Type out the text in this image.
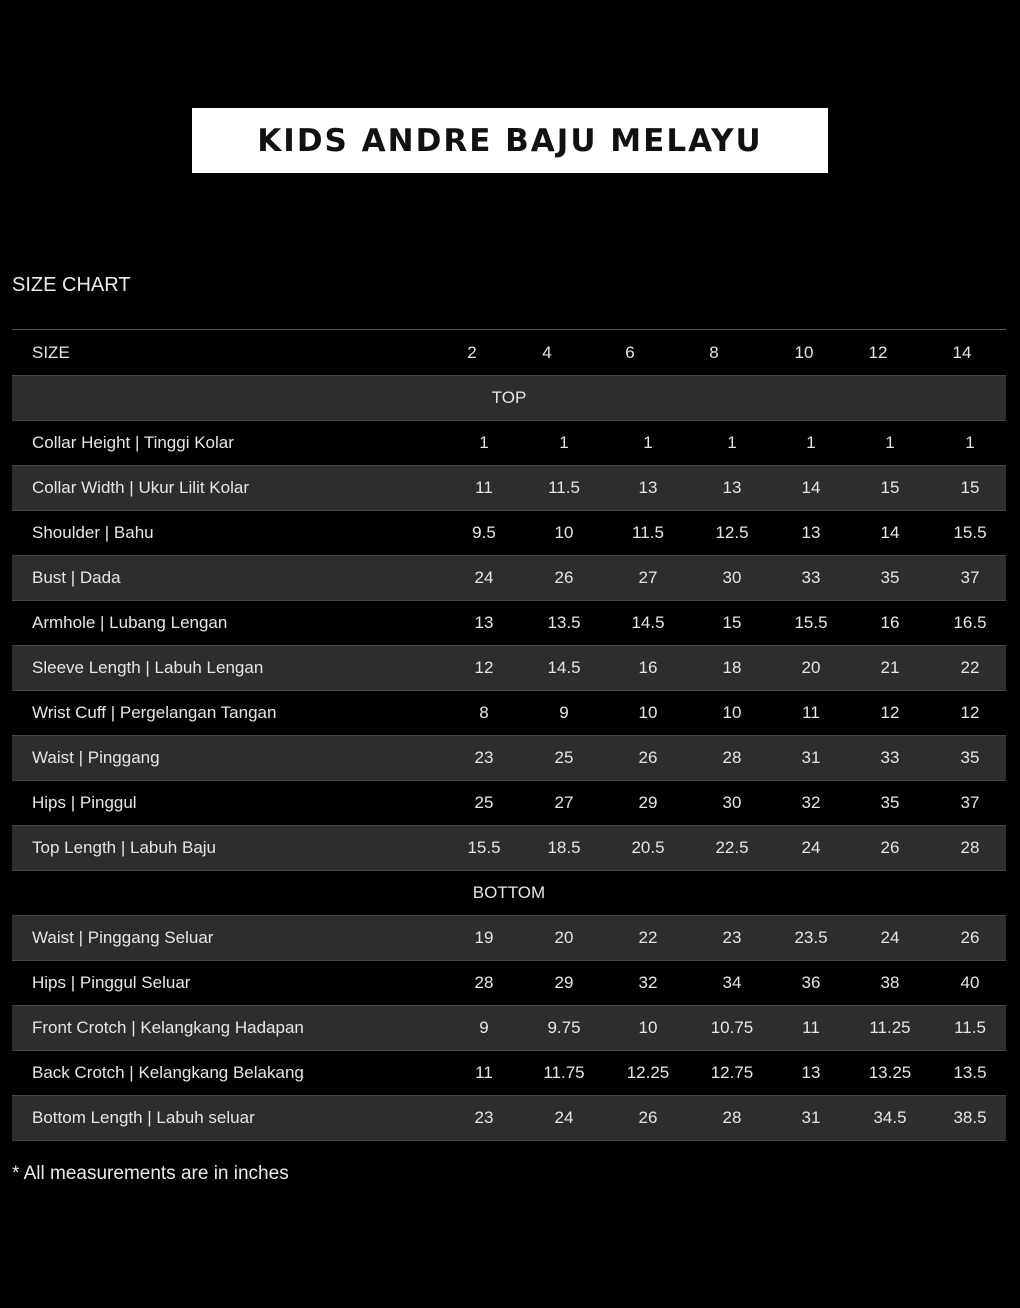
KIDS ANDRE BAJU MELAYU
SIZE CHART
SIZE	2	4	6	8	10	12	14
TOP
Collar Height | Tinggi Kolar	1	1	1	1	1	1	1
Collar Width | Ukur Lilit Kolar	11	11.5	13	13	14	15	15
Shoulder | Bahu	9.5	10	11.5	12.5	13	14	15.5
Bust | Dada	24	26	27	30	33	35	37
Armhole | Lubang Lengan	13	13.5	14.5	15	15.5	16	16.5
Sleeve Length | Labuh Lengan	12	14.5	16	18	20	21	22
Wrist Cuff | Pergelangan Tangan	8	9	10	10	11	12	12
Waist | Pinggang	23	25	26	28	31	33	35
Hips | Pinggul	25	27	29	30	32	35	37
Top Length | Labuh Baju	15.5	18.5	20.5	22.5	24	26	28
BOTTOM
Waist | Pinggang Seluar	19	20	22	23	23.5	24	26
Hips | Pinggul Seluar	28	29	32	34	36	38	40
Front Crotch | Kelangkang Hadapan	9	9.75	10	10.75	11	11.25	11.5
Back Crotch | Kelangkang Belakang	11	11.75	12.25	12.75	13	13.25	13.5
Bottom Length | Labuh seluar	23	24	26	28	31	34.5	38.5
* All measurements are in inches
